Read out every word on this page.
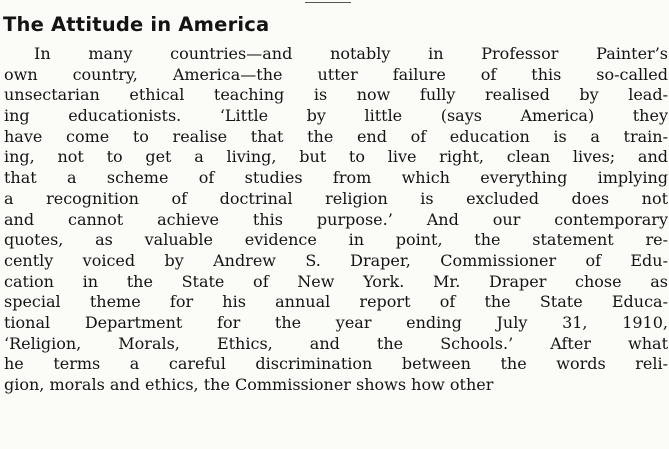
The Attitude in America
In many countries—and notably in Professor Painter’s
own country, America—the utter failure of this so-called
unsectarian ethical teaching is now fully realised by lead-
ing educationists. ‘Little by little (says America) they
have come to realise that the end of education is a train-
ing, not to get a living, but to live right, clean lives; and
that a scheme of studies from which everything implying
a recognition of doctrinal religion is excluded does not
and cannot achieve this purpose.’ And our contemporary
quotes, as valuable evidence in point, the statement re-
cently voiced by Andrew S. Draper, Commissioner of Edu-
cation in the State of New York. Mr. Draper chose as
special theme for his annual report of the State Educa-
tional Department for the year ending July 31, 1910,
‘Religion, Morals, Ethics, and the Schools.’ After what
he terms a careful discrimination between the words reli-
gion, morals and ethics, the Commissioner shows how other
